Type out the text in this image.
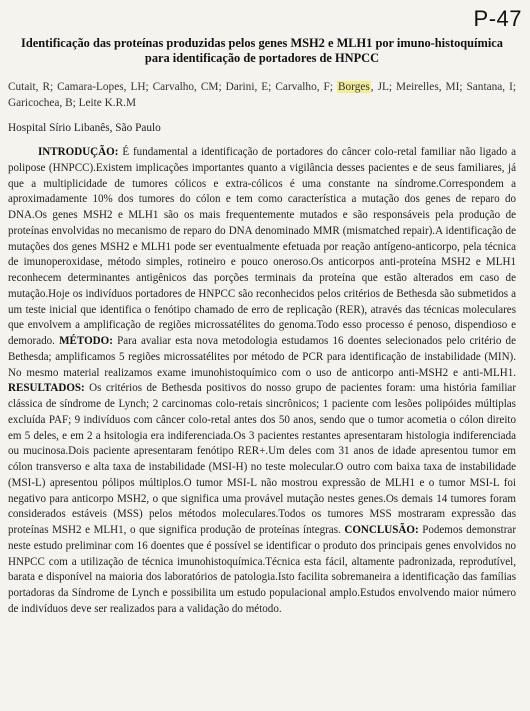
P-47
Identificação das proteínas produzidas pelos genes MSH2 e MLH1 por imuno-histoquímica para identificação de portadores de HNPCC
Cutait, R; Camara-Lopes, LH; Carvalho, CM; Darini, E; Carvalho, F; Borges, JL; Meirelles, MI; Santana, I; Garicochea, B; Leite K.R.M
Hospital Sírio Libanês, São Paulo
INTRODUÇÃO: É fundamental a identificação de portadores do câncer colo-retal familiar não ligado a polipose (HNPCC).Existem implicações importantes quanto a vigilância desses pacientes e de seus familiares, já que a multiplicidade de tumores cólicos e extra-cólicos é uma constante na síndrome.Correspondem a aproximadamente 10% dos tumores do cólon e tem como característica a mutação dos genes de reparo do DNA.Os genes MSH2 e MLH1 são os mais frequentemente mutados e são responsáveis pela produção de proteínas envolvidas no mecanismo de reparo do DNA denominado MMR (mismatched repair).A identificação de mutações dos genes MSH2 e MLH1 pode ser eventualmente efetuada por reação antígeno-anticorpo, pela técnica de imunoperoxidase, método simples, rotineiro e pouco oneroso.Os anticorpos anti-proteína MSH2 e MLH1 reconhecem determinantes antigênicos das porções terminais da proteína que estão alterados em caso de mutação.Hoje os indivíduos portadores de HNPCC são reconhecidos pelos critérios de Bethesda são submetidos a um teste inicial que identifica o fenótipo chamado de erro de replicação (RER), através das técnicas moleculares que envolvem a amplificação de regiões microssatélites do genoma.Todo esso processo é penoso, dispendioso e demorado. MÉTODO: Para avaliar esta nova metodologia estudamos 16 doentes selecionados pelo critério de Bethesda; amplificamos 5 regiões microssatélites por método de PCR para identificação de instabilidade (MIN). No mesmo material realizamos exame imunohistoquímico com o uso de anticorpo anti-MSH2 e anti-MLH1. RESULTADOS: Os critérios de Bethesda positivos do nosso grupo de pacientes foram: uma história familiar clássica de síndrome de Lynch; 2 carcinomas colo-retais sincrônicos; 1 paciente com lesões polipóides múltiplas excluída PAF; 9 indivíduos com câncer colo-retal antes dos 50 anos, sendo que o tumor acometia o cólon direito em 5 deles, e em 2 a hsitologia era indiferenciada.Os 3 pacientes restantes apresentaram histologia indiferenciada ou mucinosa.Dois paciente apresentaram fenótipo RER+.Um deles com 31 anos de idade apresentou tumor em cólon transverso e alta taxa de instabilidade (MSI-H) no teste molecular.O outro com baixa taxa de instabilidade (MSI-L) apresentou pólipos múltiplos.O tumor MSI-L não mostrou expressão de MLH1 e o tumor MSI-L foi negativo para anticorpo MSH2, o que significa uma provável mutação nestes genes.Os demais 14 tumores foram considerados estáveis (MSS) pelos métodos moleculares.Todos os tumores MSS mostraram expressão das proteínas MSH2 e MLH1, o que significa produção de proteínas íntegras. CONCLUSÃO: Podemos demonstrar neste estudo preliminar com 16 doentes que é possível se identificar o produto dos principais genes envolvidos no HNPCC com a utilização de técnica imunohistoquímica.Técnica esta fácil, altamente padronizada, reprodutível, barata e disponível na maioria dos laboratórios de patologia.Isto facilita sobremaneira a identificação das famílias portadoras da Síndrome de Lynch e possibilita um estudo populacional amplo.Estudos envolvendo maior número de indivíduos deve ser realizados para a validação do método.
